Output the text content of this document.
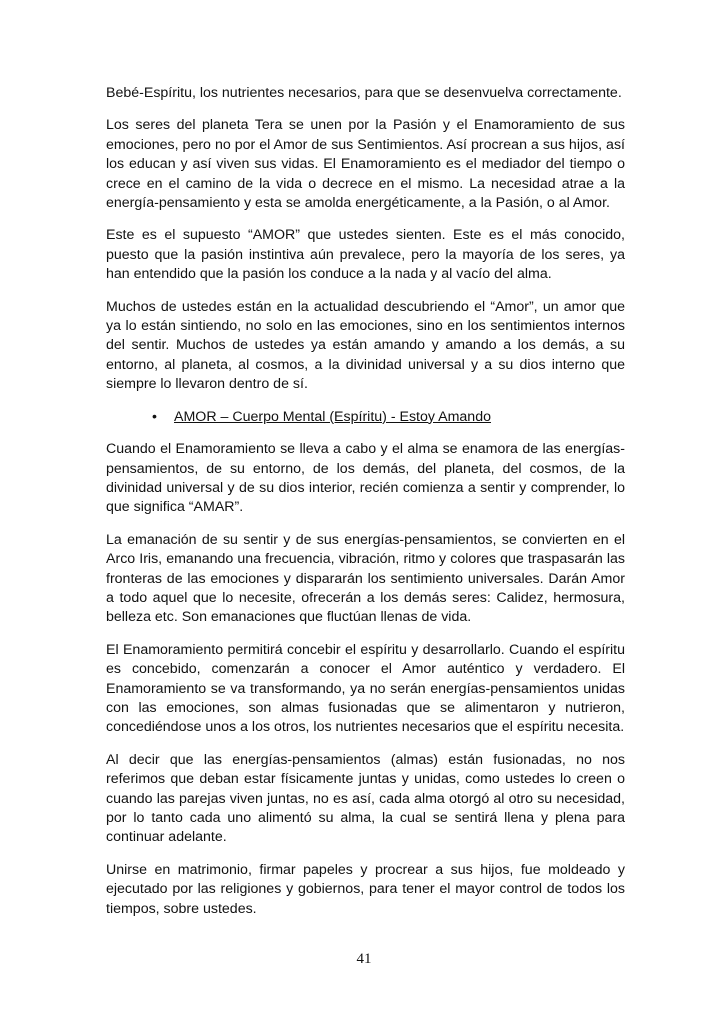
Bebé-Espíritu, los nutrientes necesarios, para que se desenvuelva correctamente.

Los seres del planeta Tera se unen por la Pasión y el Enamoramiento de sus emociones, pero no por el Amor de sus Sentimientos. Así procrean a sus hijos, así los educan y así viven sus vidas. El Enamoramiento es el mediador del tiempo o crece en el camino de la vida o decrece en el mismo. La necesidad atrae a la energía-pensamiento y esta se amolda energéticamente, a la Pasión, o al Amor.

Este es el supuesto “AMOR” que ustedes sienten. Este es el más conocido, puesto que la pasión instintiva aún prevalece, pero la mayoría de los seres, ya han entendido que la pasión los conduce a la nada y al vacío del alma.

Muchos de ustedes están en la actualidad descubriendo el “Amor”, un amor que ya lo están sintiendo, no solo en las emociones, sino en los sentimientos internos del sentir. Muchos de ustedes ya están amando y amando a los demás, a su entorno, al planeta, al cosmos, a la divinidad universal y a su dios interno que siempre lo llevaron dentro de sí.

•	AMOR – Cuerpo Mental (Espíritu) - Estoy Amando

Cuando el Enamoramiento se lleva a cabo y el alma se enamora de las energías-pensamientos, de su entorno, de los demás, del planeta, del cosmos, de la divinidad universal y de su dios interior, recién comienza a sentir y comprender, lo que significa “AMAR”.

La emanación de su sentir y de sus energías-pensamientos, se convierten en el Arco Iris, emanando una frecuencia, vibración, ritmo y colores que traspasarán las fronteras de las emociones y dispararán los sentimiento universales. Darán Amor a todo aquel que lo necesite, ofrecerán a los demás seres: Calidez, hermosura, belleza etc. Son emanaciones que fluctúan llenas de vida.

El Enamoramiento permitirá concebir el espíritu y desarrollarlo. Cuando el espíritu es concebido, comenzarán a conocer el Amor auténtico y verdadero. El Enamoramiento se va transformando, ya no serán energías-pensamientos unidas con las emociones, son almas fusionadas que se alimentaron y nutrieron, concediéndose unos a los otros, los nutrientes necesarios que el espíritu necesita.

Al decir que las energías-pensamientos (almas) están fusionadas, no nos referimos que deban estar físicamente juntas y unidas, como ustedes lo creen o cuando las parejas viven juntas, no es así, cada alma otorgó al otro su necesidad, por lo tanto cada uno alimentó su alma, la cual se sentirá llena y plena para continuar adelante.

Unirse en matrimonio, firmar papeles y procrear a sus hijos, fue moldeado y ejecutado por las religiones y gobiernos, para tener el mayor control de todos los tiempos, sobre ustedes.

41
